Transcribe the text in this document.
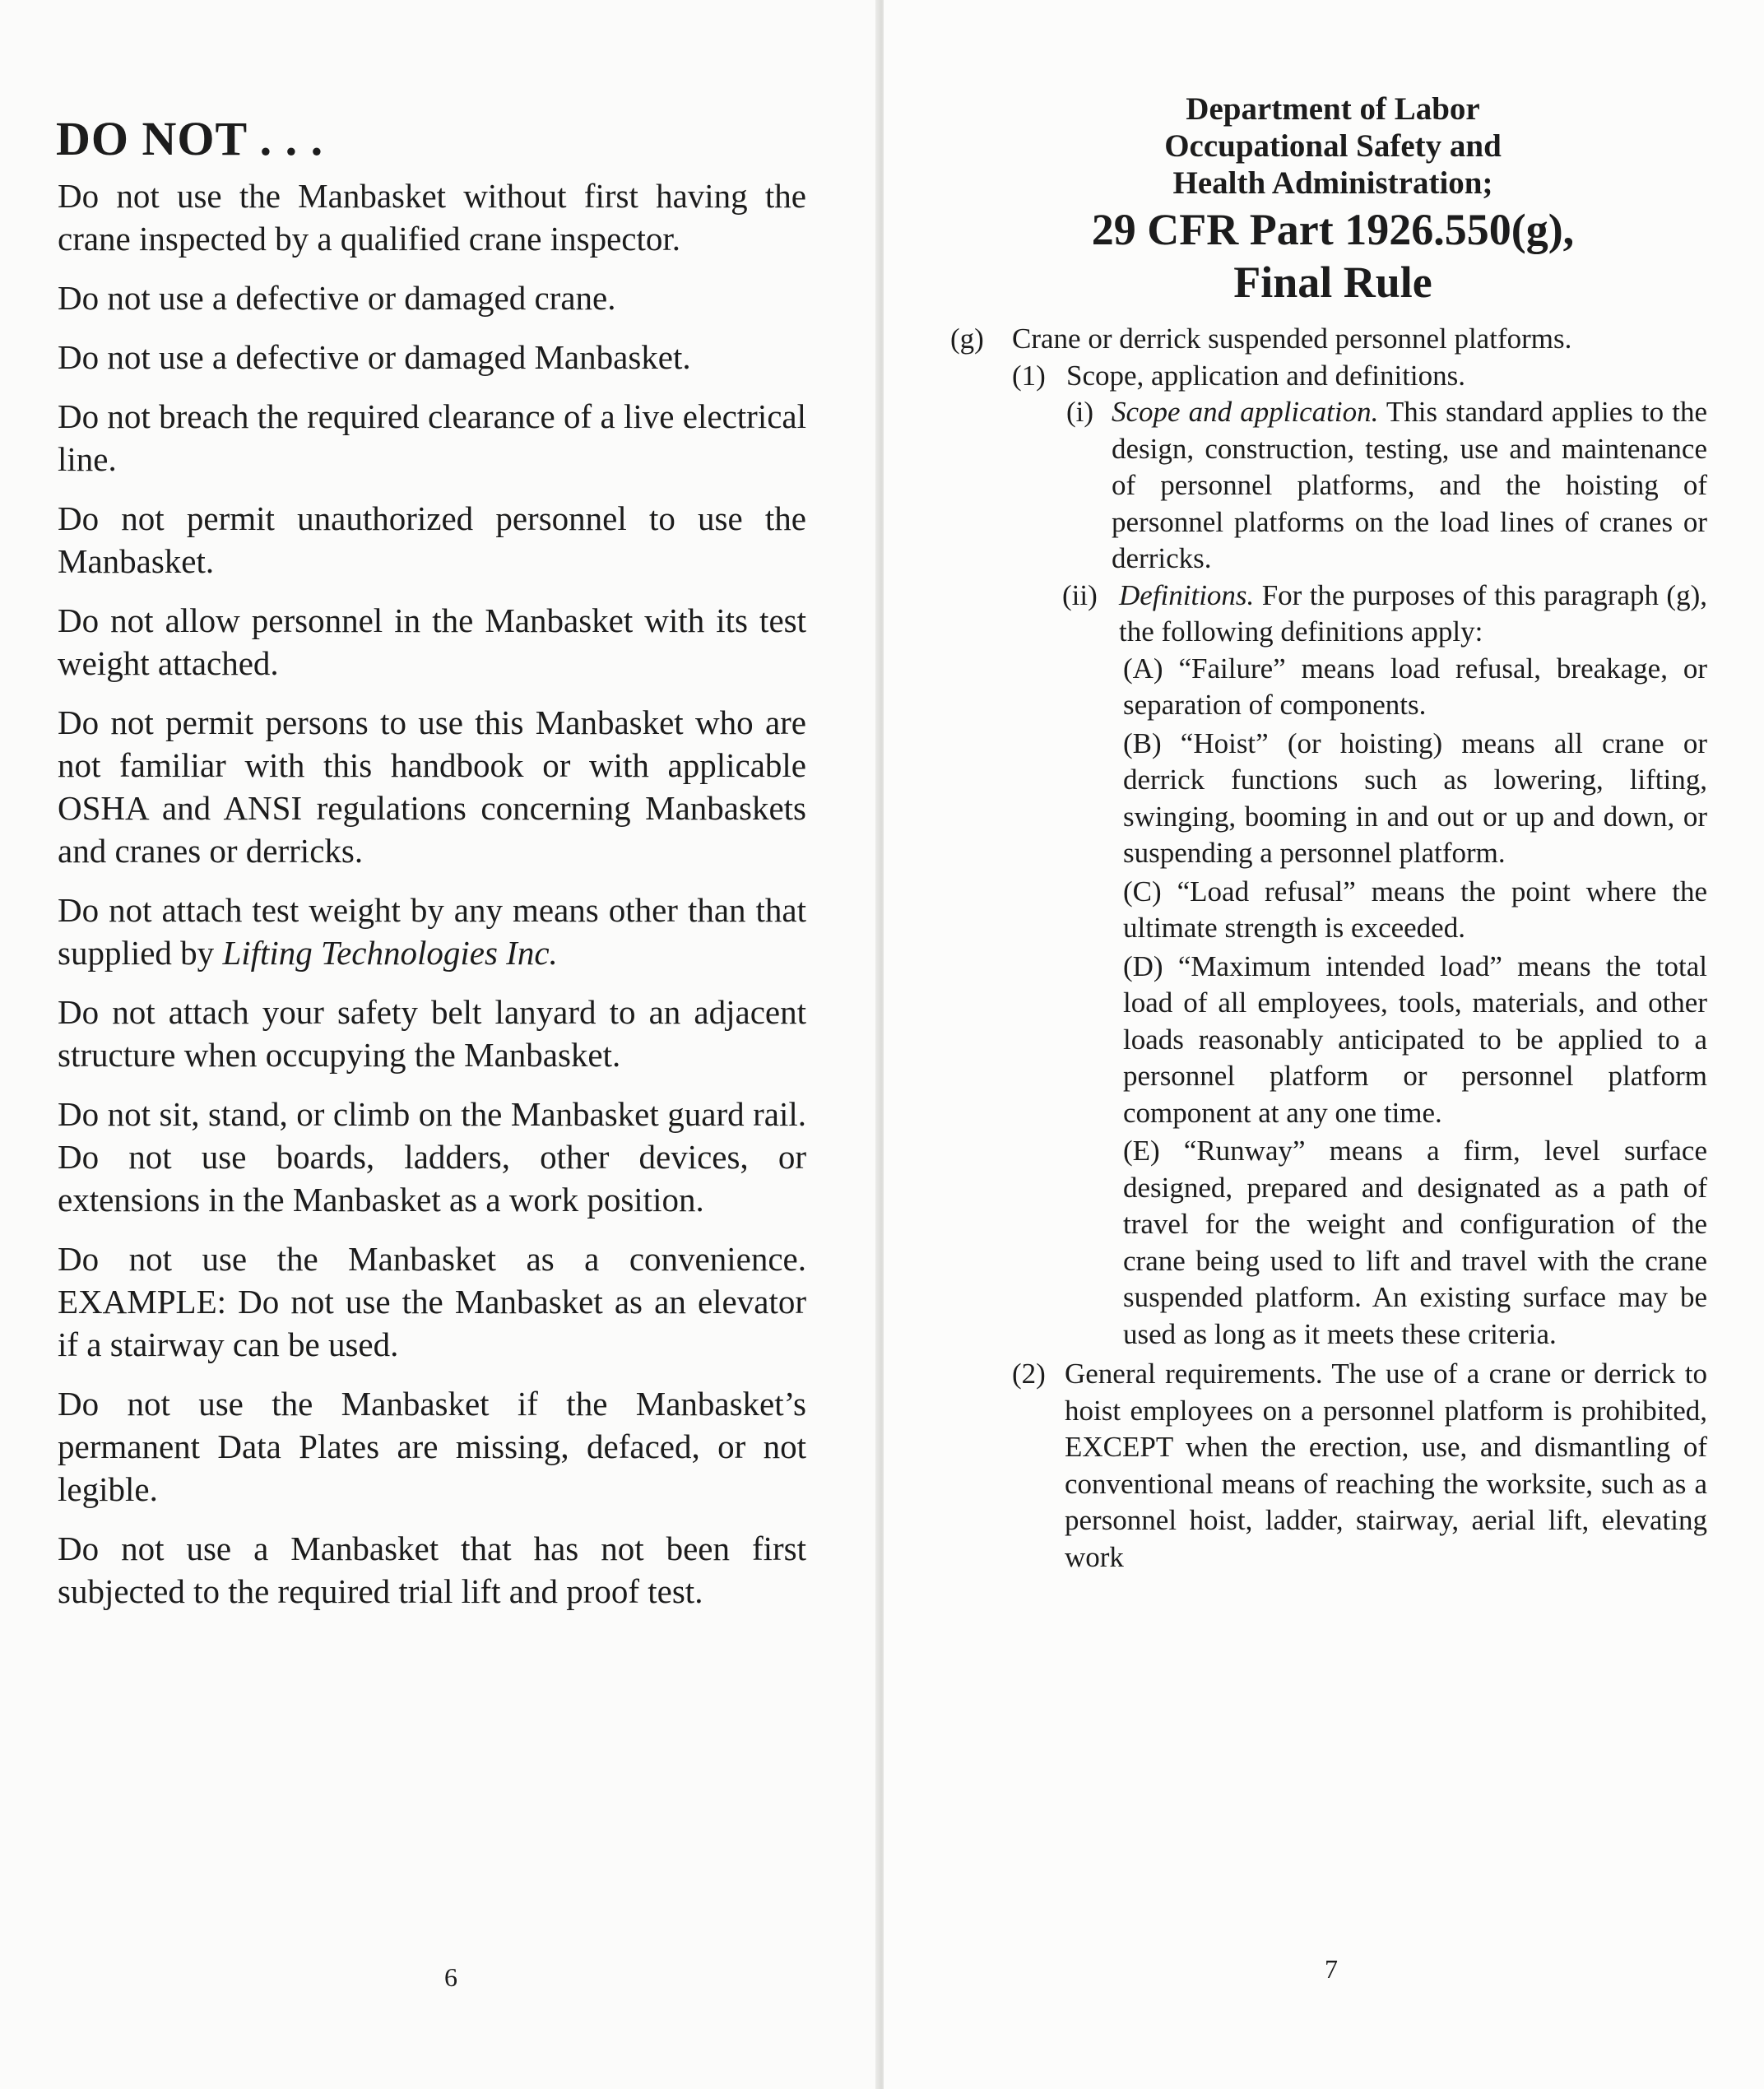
DO NOT . . .

Do not use the Manbasket without first having the crane inspected by a qualified crane inspector.

Do not use a defective or damaged crane.

Do not use a defective or damaged Manbasket.

Do not breach the required clearance of a live electrical line.

Do not permit unauthorized personnel to use the Manbasket.

Do not allow personnel in the Manbasket with its test weight attached.

Do not permit persons to use this Manbasket who are not familiar with this handbook or with applicable OSHA and ANSI regulations concerning Manbaskets and cranes or derricks.

Do not attach test weight by any means other than that supplied by Lifting Technologies Inc.

Do not attach your safety belt lanyard to an adjacent structure when occupying the Manbasket.

Do not sit, stand, or climb on the Manbasket guard rail. Do not use boards, ladders, other devices, or extensions in the Manbasket as a work position.

Do not use the Manbasket as a convenience. EXAMPLE: Do not use the Manbasket as an elevator if a stairway can be used.

Do not use the Manbasket if the Manbasket’s permanent Data Plates are missing, defaced, or not legible.

Do not use a Manbasket that has not been first subjected to the required trial lift and proof test.

6
Department of Labor
Occupational Safety and
Health Administration;
29 CFR Part 1926.550(g),
Final Rule
(g) Crane or derrick suspended personnel platforms.
(1) Scope, application and definitions.
(i) Scope and application. This standard applies to the design, construction, testing, use and maintenance of personnel platforms, and the hoisting of personnel platforms on the load lines of cranes or derricks.
(ii) Definitions. For the purposes of this paragraph (g), the following definitions apply:
(A) “Failure” means load refusal, breakage, or separation of components.
(B) “Hoist” (or hoisting) means all crane or derrick functions such as lowering, lifting, swinging, booming in and out or up and down, or suspending a personnel platform.
(C) “Load refusal” means the point where the ultimate strength is exceeded.
(D) “Maximum intended load” means the total load of all employees, tools, materials, and other loads reasonably anticipated to be applied to a personnel platform or personnel platform component at any one time.
(E) “Runway” means a firm, level surface designed, prepared and designated as a path of travel for the weight and configuration of the crane being used to lift and travel with the crane suspended platform. An existing surface may be used as long as it meets these criteria.
(2) General requirements. The use of a crane or derrick to hoist employees on a personnel platform is prohibited, EXCEPT when the erection, use, and dismantling of conventional means of reaching the worksite, such as a personnel hoist, ladder, stairway, aerial lift, elevating work
7
